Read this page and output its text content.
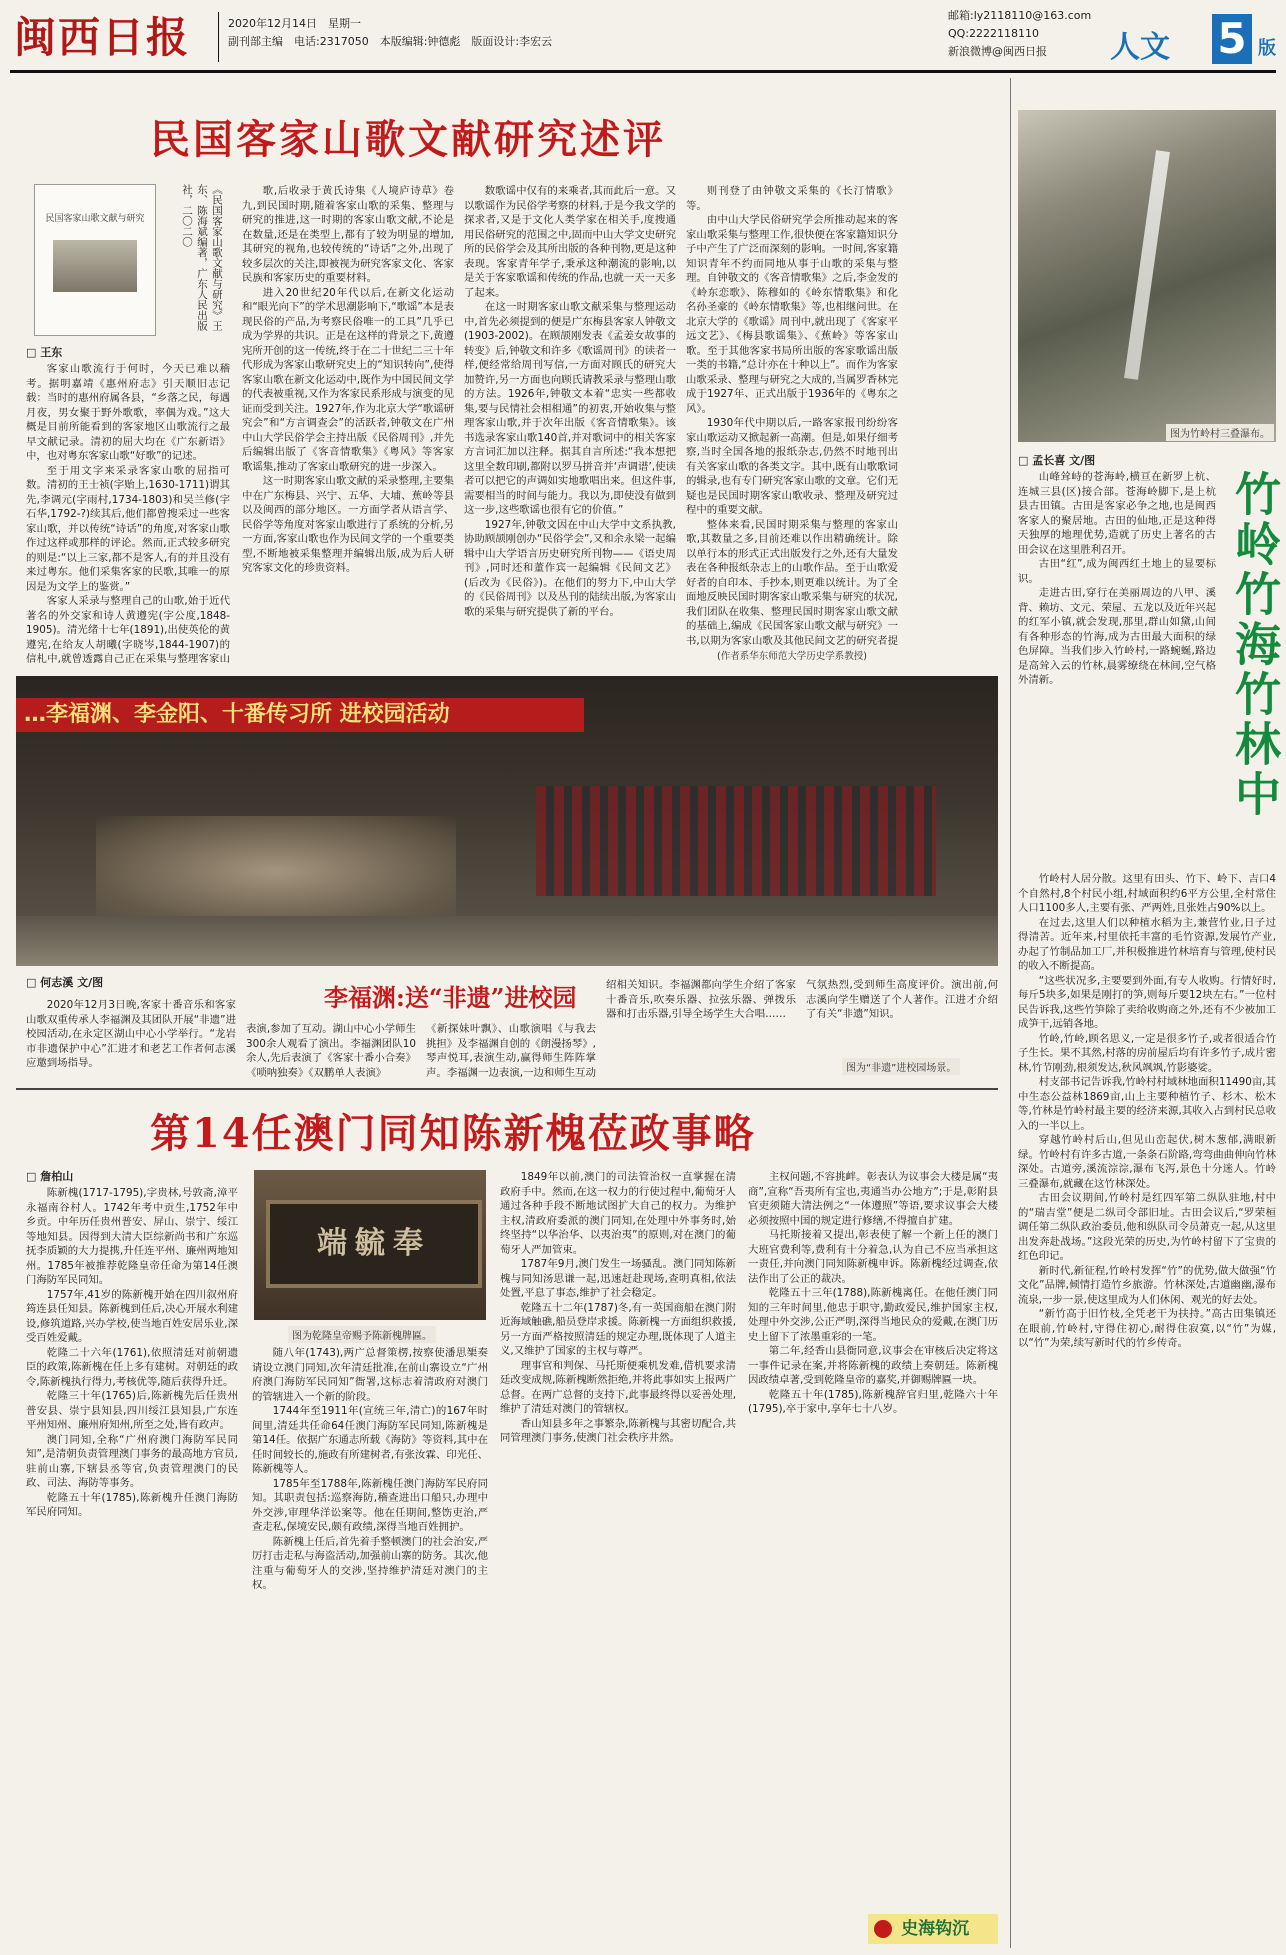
闽西日报	2020年12月14日　星期一
副刊部主编　电话:2317050　本版编辑:钟德彪　版面设计:李宏云
邮箱:ly2118110@163.com
QQ:2222118110
新浪微博@闽西日报 人文 5 版
民国客家山歌文献研究述评
民国客家山歌文献与研究	《民国客家山歌文献与研究》王东、陈海斌编著，广东人民出版社，二〇二〇
□ 王东

客家山歌流行于何时，今天已难以稽考。据明嘉靖《惠州府志》引天顺旧志记载：当时的惠州府属各县，“乡落之民，每遇月夜，男女聚于野外歌歌，率偶为戏。”这大概是目前所能看到的客家地区山歌流行之最早文献记录。清初的屈大均在《广东新语》中，也对粤东客家山歌“好歌”的记述。

至于用文字来采录客家山歌的屈指可数。清初的王士祯(字贻上,1630-1711)谓其先,李调元(字雨村,1734-1803)和吴兰修(字石华,1792-?)续其后,他们都曾搜采过一些客家山歌，并以传统“诗话”的角度,对客家山歌作过这样或那样的评论。然而,正式较多研究的则是:“以上三家,都不是客人,有的并且没有来过粤东。他们采集客家的民歌,其唯一的原因是为文学上的鉴赏。”

客家人采录与整理自己的山歌,始于近代著名的外交家和诗人黄遵宪(字公度,1848-1905)。清光绪十七年(1891),出使英伦的黄遵宪,在给友人胡曦(字晓岑,1844-1907)的信札中,就曾透露自己正在采集与整理客家山

歌,后收录于黄氏诗集《人境庐诗草》卷九,到民国时期,随着客家山歌的采集、整理与研究的推进,这一时期的客家山歌文献,不论是在数量,还是在类型上,都有了较为明显的增加,其研究的视角,也较传统的“诗话”之外,出现了较多层次的关注,即被视为研究客家文化、客家民族和客家历史的重要材料。

进入20世纪20年代以后,在新文化运动和“眼光向下”的学术思潮影响下,“歌谣”本是表现民俗的产品,为考察民俗唯一的工具”几乎已成为学界的共识。正是在这样的背景之下,黄遵宪所开创的这一传统,终于在二十世纪二三十年代形成为客家山歌研究史上的“知识转向”,使得客家山歌在新文化运动中,既作为中国民间文学的代表被重视,又作为客家民系形成与演变的见证而受到关注。1927年,作为北京大学“歌谣研究会”和“方言调查会”的活跃者,钟敬文在广州中山大学民俗学会主持出版《民俗周刊》,并先后编辑出版了《客音情歌集》《粤风》等客家歌谣集,推动了客家山歌研究的进一步深入。

这一时期客家山歌文献的采录整理,主要集中在广东梅县、兴宁、五华、大埔、蕉岭等县以及闽西的部分地区。一方面学者从语言学、民俗学等角度对客家山歌进行了系统的分析,另一方面,客家山歌也作为民间文学的一个重要类型,不断地被采集整理并编辑出版,成为后人研究客家文化的珍贵资料。

数歌谣中仅有的来乘者,其而此后一意。又以歌谣作为民俗学考察的材料,于是今我文学的探求者,又是于文化人类学家在相关手,度搜通用民俗研究的范围之中,固而中山大学文史研究所的民俗学会及其所出版的各种刊物,更是这种表现。客家青年学子,秉承这种潮流的影响,以是关于客家歌谣和传统的作品,也就一天一天多了起来。

在这一时期客家山歌文献采集与整理运动中,首先必须提到的便是广东梅县客家人钟敬文(1903-2002)。在顾颉刚发表《孟姜女故事的转变》后,钟敬文和许多《歌谣周刊》的读者一样,便经常给周刊写信,一方面对顾氏的研究大加赞许,另一方面也向顾氏请教采录与整理山歌的方法。1926年,钟敬文本着“忠实一些都收集,要与民情社会相相通”的初衷,开始收集与整理客家山歌,并于次年出版《客音情歌集》。该书选录客家山歌140首,并对歌词中的相关客家方言词汇加以注释。据其自言所述:“我本想把这里全数印刷,都附以罗马拼音并‘声调谱’,使读者可以把它的声调如实地歌唱出来。但这件事,需要相当的时间与能力。我以为,即使没有做到这一步,这些歌谣也很有它的价值。”

1927年,钟敬文因在中山大学中文系执教,协助顾颉刚创办“民俗学会”,又和余永梁一起编辑中山大学语言历史研究所刊物——《语史周刊》,同时还和董作宾一起编辑《民间文艺》(后改为《民俗》)。在他们的努力下,中山大学的《民俗周刊》以及丛刊的陆续出版,为客家山歌的采集与研究提供了新的平台。

则刊登了由钟敬文采集的《长汀情歌》等。

由中山大学民俗研究学会所推动起来的客家山歌采集与整理工作,很快便在客家籍知识分子中产生了广泛而深刻的影响。一时间,客家籍知识青年不约而同地从事于山歌的采集与整理。自钟敬文的《客音情歌集》之后,李金发的《岭东恋歌》、陈穆如的《岭东情歌集》和化名孙圣豪的《岭东情歌集》等,也相继问世。在北京大学的《歌谣》周刊中,就出现了《客家平远文艺》、《梅县歌谣集》、《蕉岭》等客家山歌。至于其他客家书局所出版的客家歌谣出版一类的书籍,“总计亦在十种以上”。而作为客家山歌采录、整理与研究之大成的,当属罗香林完成于1927年、正式出版于1936年的《粤东之风》。

1930年代中期以后,一路客家报刊纷纷客家山歌运动又掀起新一高潮。但是,如果仔细考察,当时全国各地的报纸杂志,仍然不时地刊出有关客家山歌的各类文字。其中,既有山歌歌词的辑录,也有专门研究客家山歌的文章。它们无疑也是民国时期客家山歌收录、整理及研究过程中的重要文献。

整体来看,民国时期采集与整理的客家山歌,其数量之多,目前还难以作出精确统计。除以单行本的形式正式出版发行之外,还有大量发表在各种报纸杂志上的山歌作品。至于山歌爱好者的自印本、手抄本,则更难以统计。为了全面地反映民国时期客家山歌采集与研究的状况,我们团队在收集、整理民国时期客家山歌文献的基础上,编成《民国客家山歌文献与研究》一书,以期为客家山歌及其他民间文艺的研究者提

(作者系华东师范大学历史学系教授)
图为竹岭村三叠瀑布。
□ 孟长喜 文/图
竹岭竹海竹林中

山峰耸峙的苍海岭,横亘在新罗上杭、连城三县(区)接合部。苍海岭脚下,是上杭县古田镇。古田是客家必争之地,也是闽西客家人的聚居地。古田的仙地,正是这种得天独厚的地理优势,造就了历史上著名的古田会议在这里胜利召开。

古田“红”,成为闽西红土地上的显要标识。

走进古田,穿行在美丽周边的八甲、溪背、赖坊、文元、荣屋、五龙以及近年兴起的红军小镇,就会发现,那里,群山如黛,山间有各种形态的竹海,成为古田最大面积的绿色屏障。当我们步入竹岭村,一路蜿蜒,路边是高耸入云的竹林,晨雾缭绕在林间,空气格外清新。

竹岭村人居分散。这里有田头、竹下、岭下、吉口4个自然村,8个村民小组,村域面积约6平方公里,全村常住人口1100多人,主要有张、严两姓,且张姓占90%以上。

在过去,这里人们以种植水稻为主,兼营竹业,日子过得清苦。近年来,村里依托丰富的毛竹资源,发展竹产业,办起了竹制品加工厂,并积极推进竹林培育与管理,使村民的收入不断提高。

“这些状况多,主要要到外面,有专人收购。行情好时,每斤5块多,如果是刚打的笋,则每斤要12块左右。”一位村民告诉我,这些竹笋除了卖给收购商之外,还有不少被加工成笋干,远销各地。

竹岭,竹岭,顾名思义,一定是很多竹子,或者很适合竹子生长。果不其然,村落的房前屋后均有许多竹子,成片密林,竹节刚劲,根须发达,秋风飒飒,竹影婆娑。

村支部书记告诉我,竹岭村村域林地面积11490亩,其中生态公益林1869亩,山上主要种植竹子、杉木、松木等,竹林是竹岭村最主要的经济来源,其收入占到村民总收入的一半以上。

穿越竹岭村后山,但见山峦起伏,树木葱郁,满眼新绿。竹岭村有许多古道,一条条石阶路,弯弯曲曲伸向竹林深处。古道旁,溪流淙淙,瀑布飞泻,景色十分迷人。竹岭三叠瀑布,就藏在这竹林深处。

古田会议期间,竹岭村是红四军第二纵队驻地,村中的“瑞吉堂”便是二纵司令部旧址。古田会议后,“罗荣桓调任第二纵队政治委员,他和纵队司令员萧克一起,从这里出发奔赴战场。”这段光荣的历史,为竹岭村留下了宝贵的红色印记。

新时代,新征程,竹岭村发挥“竹”的优势,做大做强“竹文化”品牌,倾情打造竹乡旅游。竹林深处,古道幽幽,瀑布流泉,一步一景,使这里成为人们休闲、观光的好去处。

“新竹高于旧竹枝,全凭老干为扶持。”高古田集镇还在眼前,竹岭村,守得住初心,耐得住寂寞,以“竹”为媒,以“竹”为荣,续写新时代的竹乡传奇。

…李福渊、李金阳、十番传习所 进校园活动
□ 何志溪 文/图
李福渊:送“非遗”进校园
2020年12月3日晚,客家十番音乐和客家山歌双重传承人李福渊及其团队开展“非遗”进校园活动,在永定区湖山中心小学举行。“龙岩市非遗保护中心”汇进才和老艺工作者何志溪应邀到场指导。
表演,参加了互动。湖山中心小学师生300余人观看了演出。李福渊团队10余人,先后表演了《客家十番小合奏》《唢呐独奏》《双鹏单人表演》
《新探妹叶飘》、山歌演唱《与我去挑担》及李福渊自创的《朗漫扬琴》,琴声悦耳,表演生动,赢得师生阵阵掌声。李福渊一边表演,一边和师生互动
绍相关知识。李福渊都向学生介绍了客家十番音乐,吹奏乐器、拉弦乐器、弹拨乐器和打击乐器,引导全场学生大合唱……
气氛热烈,受到师生高度评价。演出前,何志溪向学生赠送了个人著作。江进才介绍了有关“非遗”知识。
图为“非遗”进校园场景。
第14任澳门同知陈新槐莅政事略
□ 詹柏山

陈新槐(1717-1795),字贵林,号敦斋,漳平永福南谷村人。1742年考中贡生,1752年中乡贡。中年历任贵州普安、屏山、崇宁、绥江等地知县。因得到大清大臣综新尚书和广东巡抚李质颖的大力提携,升任连平州、廉州两地知州。1785年被推荐乾隆皇帝任命为第14任澳门海防军民同知。

1757年,41岁的陈新槐开始在四川叙州府筠连县任知县。陈新槐到任后,决心开展水利建设,修筑道路,兴办学校,使当地百姓安居乐业,深受百姓爱戴。

乾隆二十六年(1761),依照清廷对前朝遗臣的政策,陈新槐在任上多有建树。对朝廷的政令,陈新槐执行得力,考核优等,随后获得升迁。

乾隆三十年(1765)后,陈新槐先后任贵州普安县、崇宁县知县,四川绥江县知县,广东连平州知州、廉州府知州,所至之处,皆有政声。

澳门同知,全称“广州府澳门海防军民同知”,是清朝负责管理澳门事务的最高地方官员,驻前山寨,下辖县丞等官,负责管理澳门的民政、司法、海防等事务。

乾隆五十年(1785),陈新槐升任澳门海防军民府同知。

端毓奉
图为乾隆皇帝赐予陈新槐牌匾。

随八年(1743),两广总督策楞,按察使潘思榘奏请设立澳门同知,次年清廷批准,在前山寨设立“广州府澳门海防军民同知”衙署,这标志着清政府对澳门的管辖进入一个新的阶段。

1744年至1911年(宣统三年,清亡)的167年时间里,清廷共任命64任澳门海防军民同知,陈新槐是第14任。依据广东通志所载《海防》等资料,其中在任时间较长的,施政有所建树者,有张汝霖、印光任、陈新槐等人。

1785年至1788年,陈新槐任澳门海防军民府同知。其职责包括:巡察海防,稽查进出口船只,办理中外交涉,审理华洋讼案等。他在任期间,整饬吏治,严查走私,保境安民,颇有政绩,深得当地百姓拥护。

陈新槐上任后,首先着手整顿澳门的社会治安,严厉打击走私与海盗活动,加强前山寨的防务。其次,他注重与葡萄牙人的交涉,坚持维护清廷对澳门的主权。

1849年以前,澳门的司法管治权一直掌握在清政府手中。然而,在这一权力的行使过程中,葡萄牙人通过各种手段不断地试图扩大自己的权力。为维护主权,清政府委派的澳门同知,在处理中外事务时,始终坚持“以华治华、以夷治夷”的原则,对在澳门的葡萄牙人严加管束。

1787年9月,澳门发生一场骚乱。澳门同知陈新槐与同知汤思谦一起,迅速赶赴现场,查明真相,依法处置,平息了事态,维护了社会稳定。

乾隆五十二年(1787)冬,有一英国商船在澳门附近海域触礁,船员登岸求援。陈新槐一方面组织救援,另一方面严格按照清廷的规定办理,既体现了人道主义,又维护了国家的主权与尊严。

理事官和判保、马托斯便乘机发难,借机要求清廷改变成规,陈新槐断然拒绝,并将此事如实上报两广总督。在两广总督的支持下,此事最终得以妥善处理,维护了清廷对澳门的管辖权。

香山知县多年之事繁杂,陈新槐与其密切配合,共同管理澳门事务,使澳门社会秩序井然。

主权问题,不容挑衅。彰表认为议事会大楼是属“夷商”,宣称“吾夷所有宝也,夷通当办公地方”;于是,彰附县官吏须随大清法例之“一体遵照”等语,要求议事会大楼必须按照中国的规定进行修缮,不得擅自扩建。

马托斯接着又提出,彰表使了解一个新上任的澳门大班官费利等,费利有十分着急,认为自己不应当承担这一责任,并向澳门同知陈新槐申诉。陈新槐经过调查,依法作出了公正的裁决。

乾隆五十三年(1788),陈新槐离任。在他任澳门同知的三年时间里,他忠于职守,勤政爱民,维护国家主权,处理中外交涉,公正严明,深得当地民众的爱戴,在澳门历史上留下了浓墨重彩的一笔。

第二年,经香山县衙同意,议事会在审核后决定将这一事件记录在案,并将陈新槐的政绩上奏朝廷。陈新槐因政绩卓著,受到乾隆皇帝的嘉奖,并御赐牌匾一块。

乾隆五十年(1785),陈新槐辞官归里,乾隆六十年(1795),卒于家中,享年七十八岁。

史海钩沉
